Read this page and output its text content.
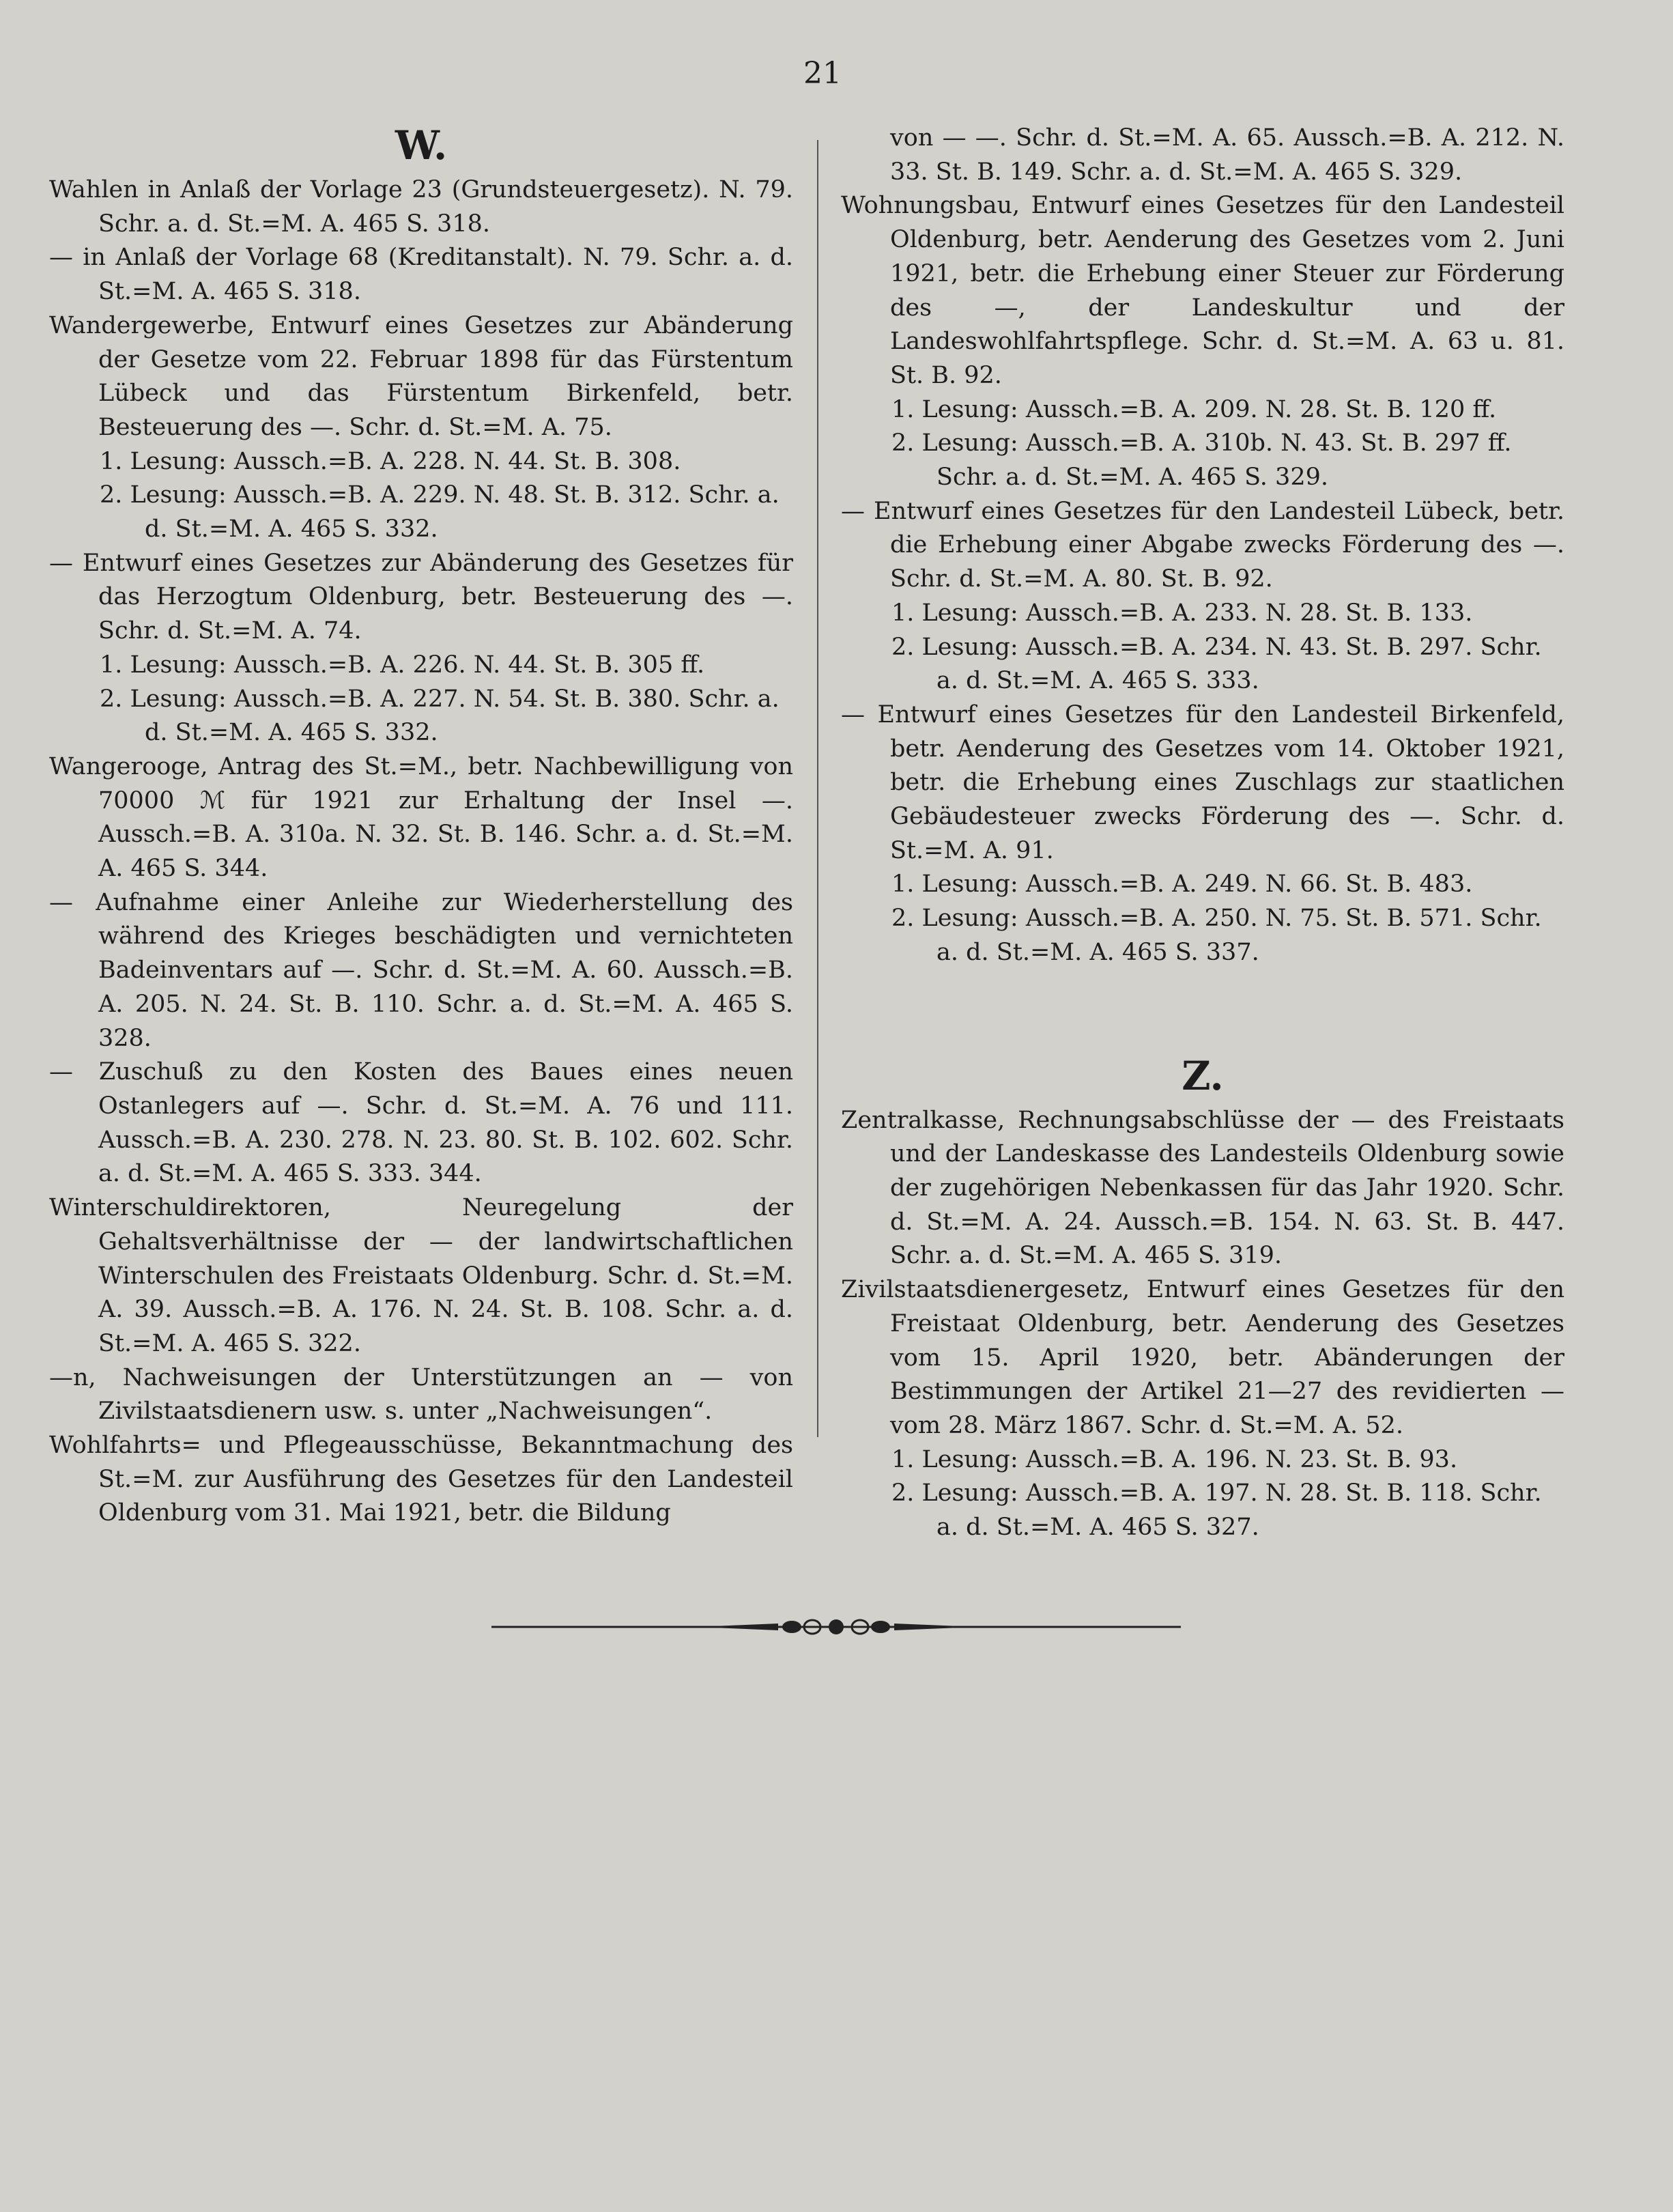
21
W.
Wahlen in Anlaß der Vorlage 23 (Grundsteuergesetz). N. 79. Schr. a. d. St.=M. A. 465 S. 318.
— in Anlaß der Vorlage 68 (Kreditanstalt). N. 79. Schr. a. d. St.=M. A. 465 S. 318.
Wandergewerbe, Entwurf eines Gesetzes zur Abänderung der Gesetze vom 22. Februar 1898 für das Fürstentum Lübeck und das Fürstentum Birkenfeld, betr. Besteuerung des —. Schr. d. St.=M. A. 75.
1. Lesung: Aussch.=B. A. 228. N. 44. St. B. 308.
2. Lesung: Aussch.=B. A. 229. N. 48. St. B. 312. Schr. a. d. St.=M. A. 465 S. 332.
— Entwurf eines Gesetzes zur Abänderung des Gesetzes für das Herzogtum Oldenburg, betr. Besteuerung des —. Schr. d. St.=M. A. 74.
1. Lesung: Aussch.=B. A. 226. N. 44. St. B. 305 ff.
2. Lesung: Aussch.=B. A. 227. N. 54. St. B. 380. Schr. a. d. St.=M. A. 465 S. 332.
Wangerooge, Antrag des St.=M., betr. Nachbewilligung von 70000 ℳ für 1921 zur Erhaltung der Insel —. Aussch.=B. A. 310a. N. 32. St. B. 146. Schr. a. d. St.=M. A. 465 S. 344.
— Aufnahme einer Anleihe zur Wiederherstellung des während des Krieges beschädigten und vernichteten Badeinventars auf —. Schr. d. St.=M. A. 60. Aussch.=B. A. 205. N. 24. St. B. 110. Schr. a. d. St.=M. A. 465 S. 328.
— Zuschuß zu den Kosten des Baues eines neuen Ostanlegers auf —. Schr. d. St.=M. A. 76 und 111. Aussch.=B. A. 230. 278. N. 23. 80. St. B. 102. 602. Schr. a. d. St.=M. A. 465 S. 333. 344.
Winterschuldirektoren, Neuregelung der Gehaltsverhältnisse der — der landwirtschaftlichen Winterschulen des Freistaats Oldenburg. Schr. d. St.=M. A. 39. Aussch.=B. A. 176. N. 24. St. B. 108. Schr. a. d. St.=M. A. 465 S. 322.
—n, Nachweisungen der Unterstützungen an — von Zivilstaatsdienern usw. s. unter „Nachweisungen“.
Wohlfahrts= und Pflegeausschüsse, Bekanntmachung des St.=M. zur Ausführung des Gesetzes für den Landesteil Oldenburg vom 31. Mai 1921, betr. die Bildung
von — —. Schr. d. St.=M. A. 65. Aussch.=B. A. 212. N. 33. St. B. 149. Schr. a. d. St.=M. A. 465 S. 329.
Wohnungsbau, Entwurf eines Gesetzes für den Landesteil Oldenburg, betr. Aenderung des Gesetzes vom 2. Juni 1921, betr. die Erhebung einer Steuer zur Förderung des —, der Landeskultur und der Landeswohlfahrtspflege. Schr. d. St.=M. A. 63 u. 81. St. B. 92.
1. Lesung: Aussch.=B. A. 209. N. 28. St. B. 120 ff.
2. Lesung: Aussch.=B. A. 310b. N. 43. St. B. 297 ff. Schr. a. d. St.=M. A. 465 S. 329.
— Entwurf eines Gesetzes für den Landesteil Lübeck, betr. die Erhebung einer Abgabe zwecks Förderung des —. Schr. d. St.=M. A. 80. St. B. 92.
1. Lesung: Aussch.=B. A. 233. N. 28. St. B. 133.
2. Lesung: Aussch.=B. A. 234. N. 43. St. B. 297. Schr. a. d. St.=M. A. 465 S. 333.
— Entwurf eines Gesetzes für den Landesteil Birkenfeld, betr. Aenderung des Gesetzes vom 14. Oktober 1921, betr. die Erhebung eines Zuschlags zur staatlichen Gebäudesteuer zwecks Förderung des —. Schr. d. St.=M. A. 91.
1. Lesung: Aussch.=B. A. 249. N. 66. St. B. 483.
2. Lesung: Aussch.=B. A. 250. N. 75. St. B. 571. Schr. a. d. St.=M. A. 465 S. 337.
Z.
Zentralkasse, Rechnungsabschlüsse der — des Freistaats und der Landeskasse des Landesteils Oldenburg sowie der zugehörigen Nebenkassen für das Jahr 1920. Schr. d. St.=M. A. 24. Aussch.=B. 154. N. 63. St. B. 447. Schr. a. d. St.=M. A. 465 S. 319.
Zivilstaatsdienergesetz, Entwurf eines Gesetzes für den Freistaat Oldenburg, betr. Aenderung des Gesetzes vom 15. April 1920, betr. Abänderungen der Bestimmungen der Artikel 21—27 des revidierten — vom 28. März 1867. Schr. d. St.=M. A. 52.
1. Lesung: Aussch.=B. A. 196. N. 23. St. B. 93.
2. Lesung: Aussch.=B. A. 197. N. 28. St. B. 118. Schr. a. d. St.=M. A. 465 S. 327.
